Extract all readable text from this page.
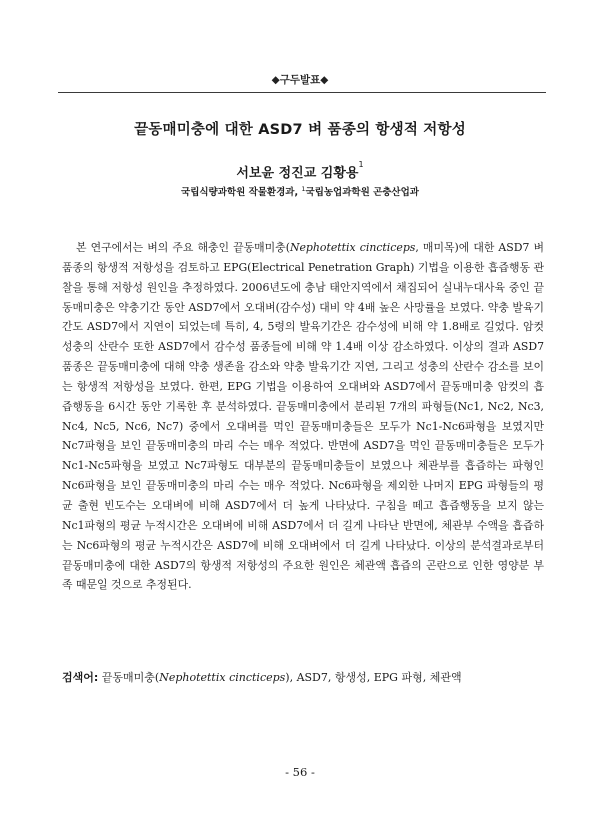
◆구두발표◆
끝동매미충에 대한 ASD7 벼 품종의 항생적 저항성
서보윤 정진교 김황용$^1$
국립식량과학원 작물환경과, $^1$국립농업과학원 곤충산업과

본 연구에서는 벼의 주요 해충인 끝동매미충(Nephotettix cincticeps, 매미목)에 대한 ASD7 벼 품종의 항생적 저항성을 검토하고 EPG(Electrical Penetration Graph) 기법을 이용한 흡즙행동 관찰을 통해 저항성 원인을 추정하였다. 2006년도에 충남 태안지역에서 채집되어 실내누대사육 중인 끝동매미충은 약충기간 동안 ASD7에서 오대벼(감수성) 대비 약 4배 높은 사망률을 보였다. 약충 발육기간도 ASD7에서 지연이 되었는데 특히, 4, 5령의 발육기간은 감수성에 비해 약 1.8배로 길었다. 암컷 성충의 산란수 또한 ASD7에서 감수성 품종들에 비해 약 1.4배 이상 감소하였다. 이상의 결과 ASD7 품종은 끝동매미충에 대해 약충 생존율 감소와 약충 발육기간 지연, 그리고 성충의 산란수 감소를 보이는 항생적 저항성을 보였다. 한편, EPG 기법을 이용하여 오대벼와 ASD7에서 끝동매미충 암컷의 흡즙행동을 6시간 동안 기록한 후 분석하였다. 끝동매미충에서 분리된 7개의 파형들(Nc1, Nc2, Nc3, Nc4, Nc5, Nc6, Nc7) 중에서 오대벼를 먹인 끝동매미충들은 모두가 Nc1-Nc6파형을 보였지만 Nc7파형을 보인 끝동매미충의 마리 수는 매우 적었다. 반면에 ASD7을 먹인 끝동매미충들은 모두가 Nc1-Nc5파형을 보였고 Nc7파형도 대부분의 끝동매미충들이 보였으나 체관부를 흡즙하는 파형인 Nc6파형을 보인 끝동매미충의 마리 수는 매우 적었다. Nc6파형을 제외한 나머지 EPG 파형들의 평균 출현 빈도수는 오대벼에 비해 ASD7에서 더 높게 나타났다. 구침을 떼고 흡즙행동을 보지 않는 Nc1파형의 평균 누적시간은 오대벼에 비해 ASD7에서 더 길게 나타난 반면에, 체관부 수액을 흡즙하는 Nc6파형의 평균 누적시간은 ASD7에 비해 오대벼에서 더 길게 나타났다. 이상의 분석결과로부터 끝동매미충에 대한 ASD7의 항생적 저항성의 주요한 원인은 체관액 흡즙의 곤란으로 인한 영양분 부족 때문일 것으로 추정된다.

검색어: 끝동매미충(Nephotettix cincticeps), ASD7, 항생성, EPG 파형, 체관액
- 56 -
